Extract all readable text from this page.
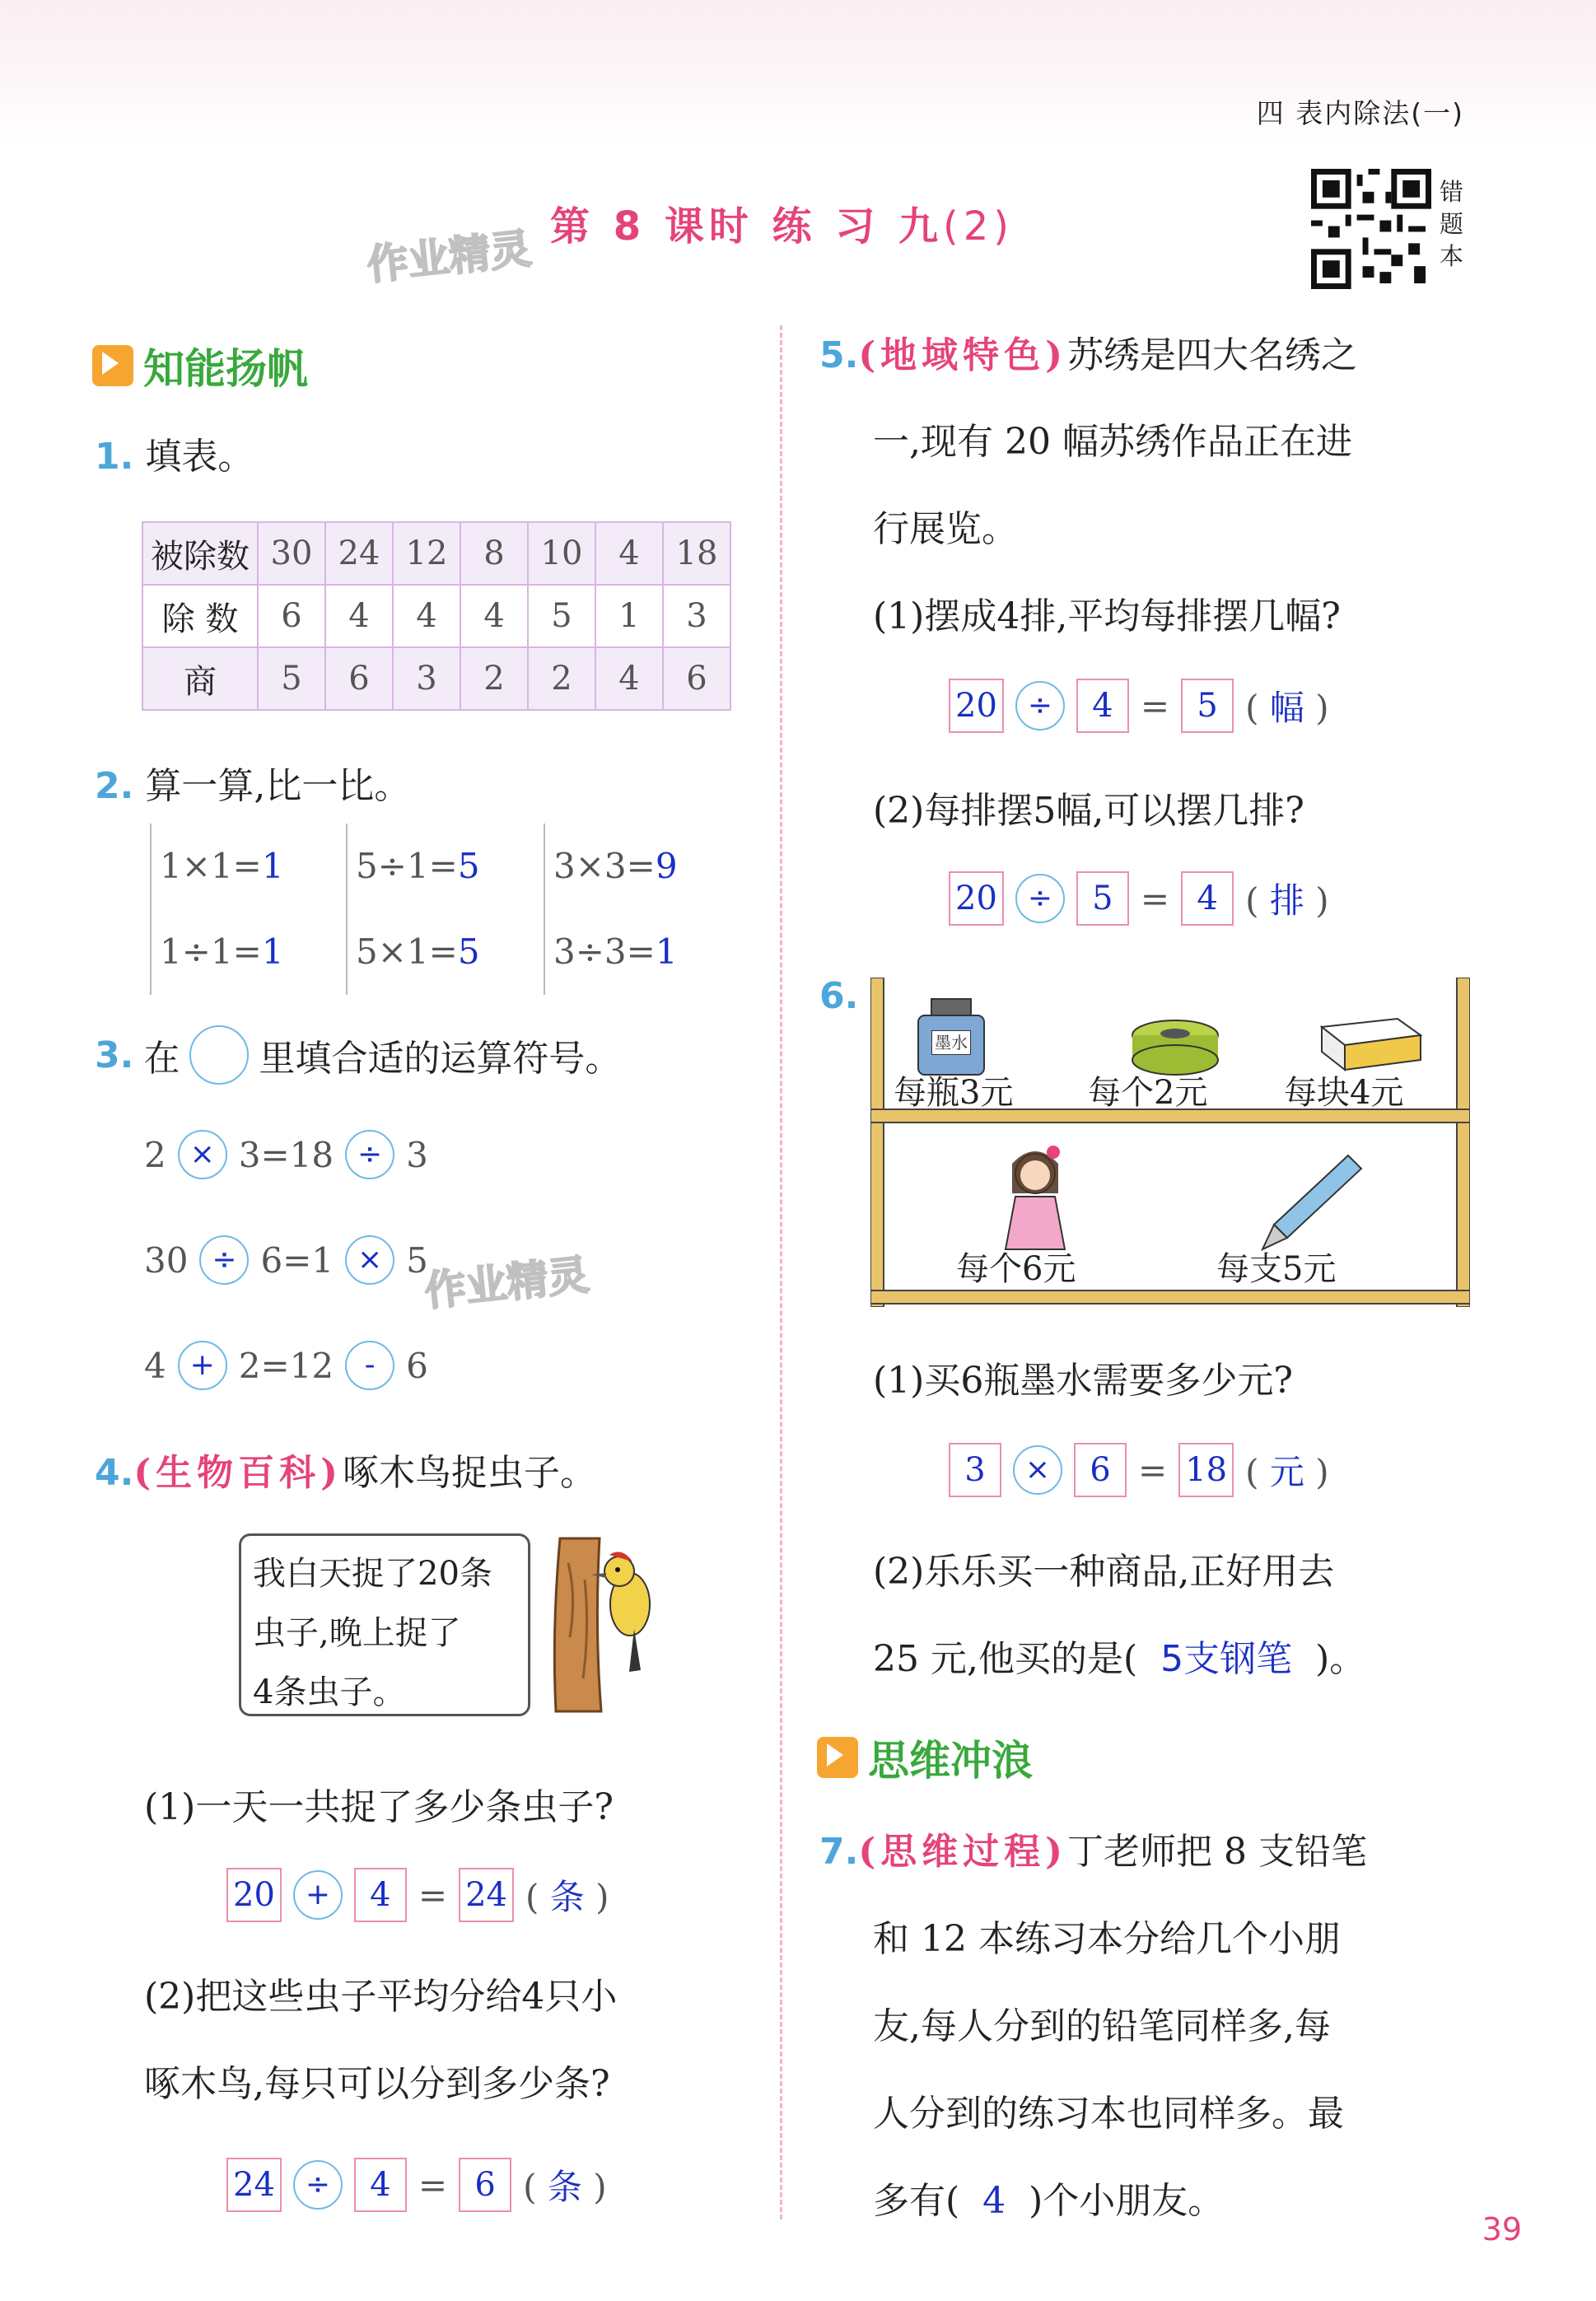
四 表内除法(一)
第 8 课时 练 习 九(2)
作业精灵
作业精灵
错题本
知能扬帆
1. 填表。
被除数	30	24	12	8	10	4	18
除 数	6	4	4	4	5	1	3
商	5	6	3	2	2	4	6
2. 算一算,比一比。
1×1=1
1÷1=1
5÷1=5
5×1=5
3×3=9
3÷3=1
3. 在 里填合适的运算符号。
2 × 3=18 ÷ 3
30 ÷ 6=1 × 5
4 + 2=12	- 6
4.(生物百科)啄木鸟捉虫子。
我白天捉了20条
虫子,晚上捉了
4条虫子。
(1)一天一共捉了多少条虫子?
20	+	4 = 24 ( 条 )
(2)把这些虫子平均分给4只小
啄木鸟,每只可以分到多少条?
24	÷	4 = 6 ( 条 )
5.(地域特色)苏绣是四大名绣之
一,现有 20 幅苏绣作品正在进
行展览。
(1)摆成4排,平均每排摆几幅?
20	÷	4 = 5 ( 幅 )
(2)每排摆5幅,可以摆几排?
20	÷	5 = 4 ( 排 )
6.
墨水
每瓶3元 每个2元 每块4元
每个6元	每支5元
(1)买6瓶墨水需要多少元?
3	×	6 = 18 ( 元 )
(2)乐乐买一种商品,正好用去
25 元,他买的是( 5支钢笔 )。
思维冲浪
7.(思维过程)丁老师把 8 支铅笔
和 12 本练习本分给几个小朋
友,每人分到的铅笔同样多,每
人分到的练习本也同样多。最
多有( 4 )个小朋友。
39
